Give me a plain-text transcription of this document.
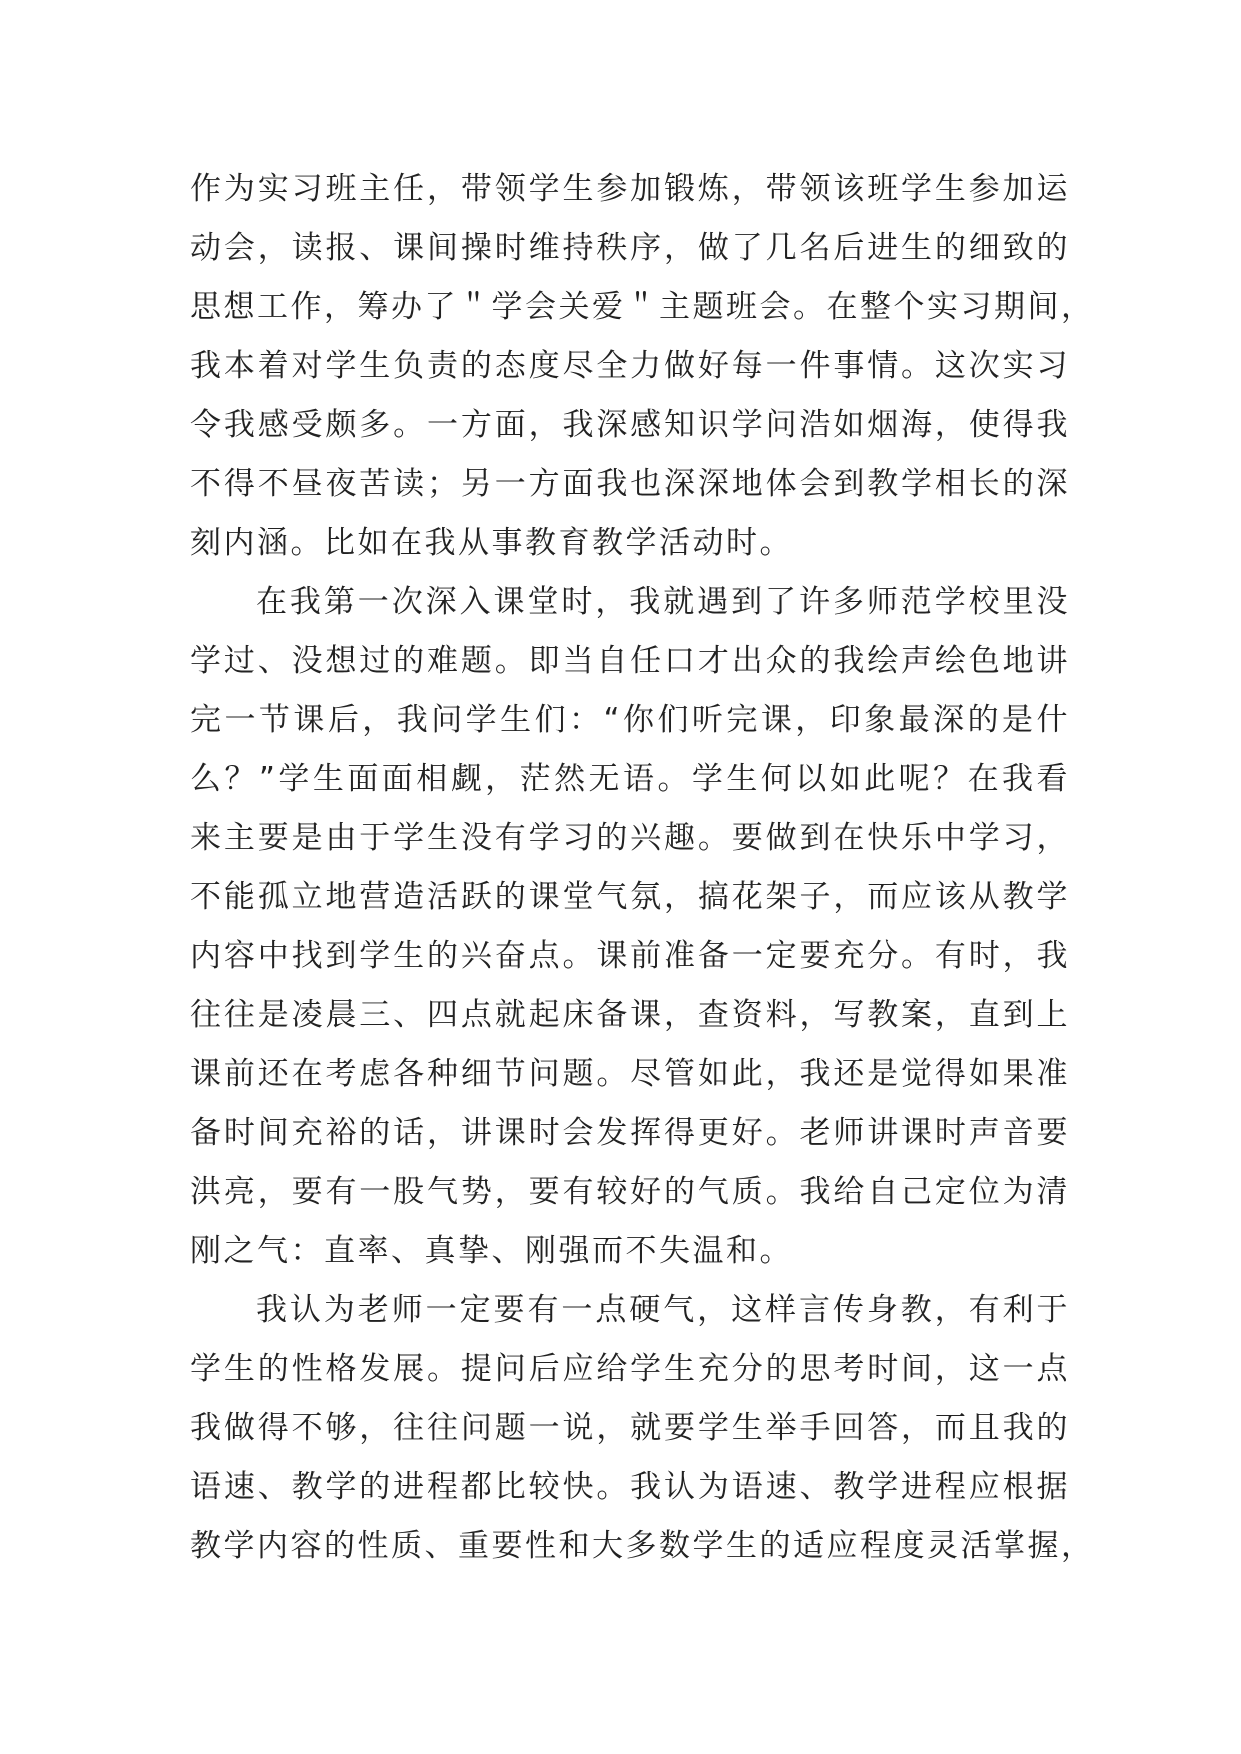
作为实习班主任，带领学生参加锻炼，带领该班学生参加运
动会，读报、课间操时维持秩序，做了几名后进生的细致的
思想工作，筹办了＂学会关爱＂主题班会。在整个实习期间，
我本着对学生负责的态度尽全力做好每一件事情。这次实习
令我感受颇多。一方面，我深感知识学问浩如烟海，使得我
不得不昼夜苦读；另一方面我也深深地体会到教学相长的深
刻内涵。比如在我从事教育教学活动时。
在我第一次深入课堂时，我就遇到了许多师范学校里没
学过、没想过的难题。即当自任口才出众的我绘声绘色地讲
完一节课后，我问学生们：“你们听完课，印象最深的是什
么？”学生面面相觑，茫然无语。学生何以如此呢？在我看
来主要是由于学生没有学习的兴趣。要做到在快乐中学习，
不能孤立地营造活跃的课堂气氛，搞花架子，而应该从教学
内容中找到学生的兴奋点。课前准备一定要充分。有时，我
往往是凌晨三、四点就起床备课，查资料，写教案，直到上
课前还在考虑各种细节问题。尽管如此，我还是觉得如果准
备时间充裕的话，讲课时会发挥得更好。老师讲课时声音要
洪亮，要有一股气势，要有较好的气质。我给自己定位为清
刚之气：直率、真挚、刚强而不失温和。
我认为老师一定要有一点硬气，这样言传身教，有利于
学生的性格发展。提问后应给学生充分的思考时间，这一点
我做得不够，往往问题一说，就要学生举手回答，而且我的
语速、教学的进程都比较快。我认为语速、教学进程应根据
教学内容的性质、重要性和大多数学生的适应程度灵活掌握，
